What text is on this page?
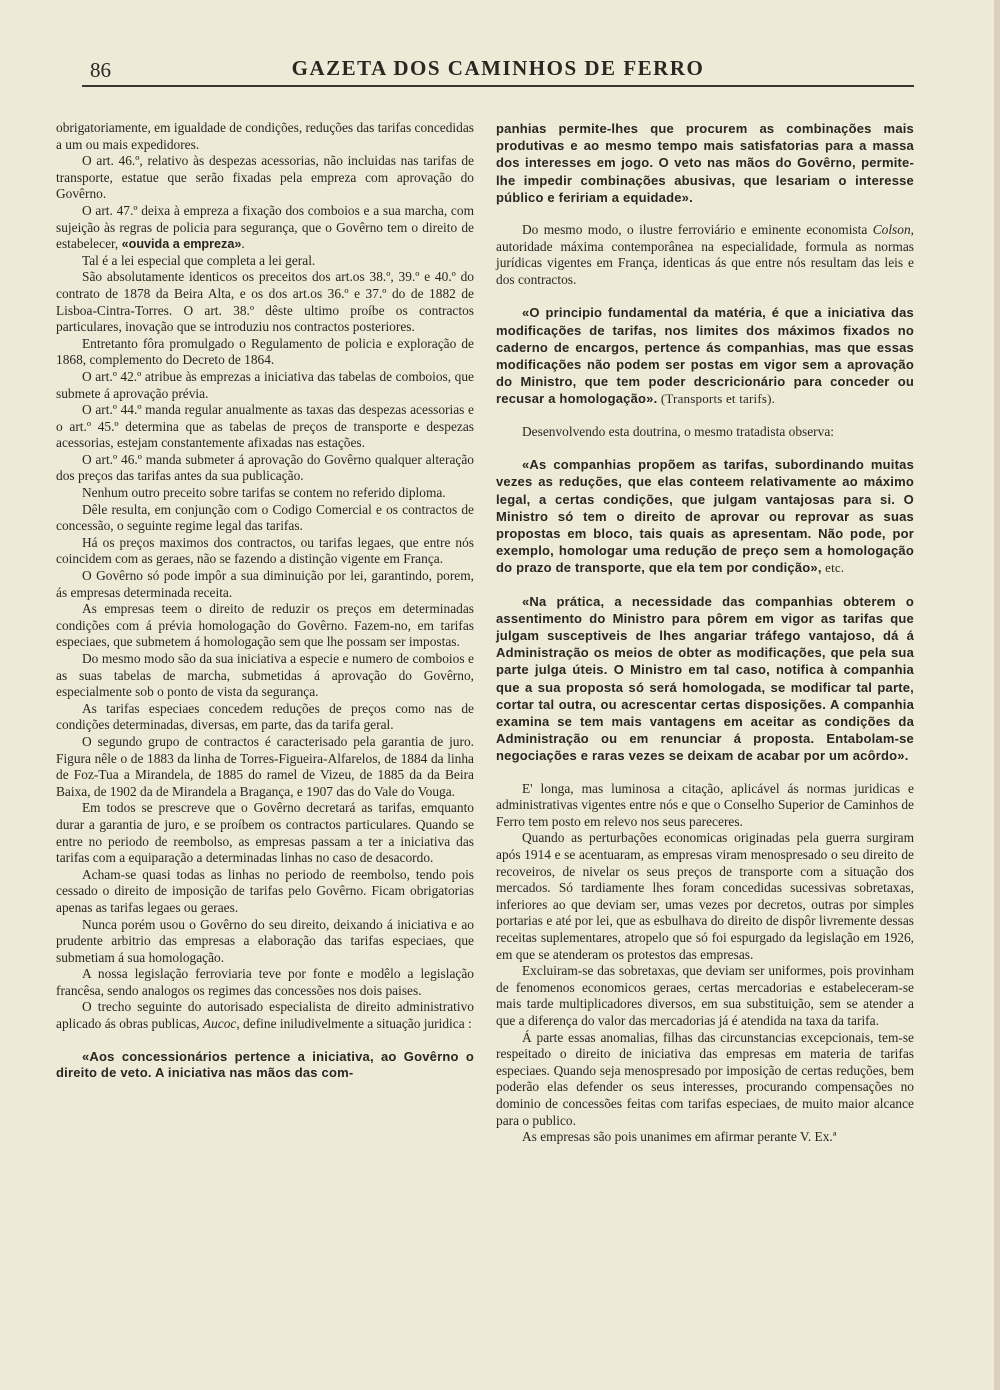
86	GAZETA DOS CAMINHOS DE FERRO

obrigatoriamente, em igualdade de condições, reduções das tarifas concedidas a um ou mais expedidores.

O art. 46.º, relativo às despezas acessorias, não incluidas nas tarifas de transporte, estatue que serão fixadas pela empreza com aprovação do Govêrno.

O art. 47.º deixa à empreza a fixação dos comboios e a sua marcha, com sujeição às regras de policia para segurança, que o Govêrno tem o direito de estabelecer, «ouvida a empreza».

Tal é a lei especial que completa a lei geral.

São absolutamente identicos os preceitos dos art.os 38.º, 39.º e 40.º do contrato de 1878 da Beira Alta, e os dos art.os 36.º e 37.º do de 1882 de Lisboa-Cintra-Torres. O art. 38.º dêste ultimo proíbe os contractos particulares, inovação que se introduziu nos contractos posteriores.

Entretanto fôra promulgado o Regulamento de policia e exploração de 1868, complemento do Decreto de 1864.

O art.º 42.º atribue às emprezas a iniciativa das tabelas de comboios, que submete á aprovação prévia.

O art.º 44.º manda regular anualmente as taxas das despezas acessorias e o art.º 45.º determina que as tabelas de preços de transporte e despezas acessorias, estejam constantemente afixadas nas estações.

O art.º 46.º manda submeter á aprovação do Govêrno qualquer alteração dos preços das tarifas antes da sua publicação.

Nenhum outro preceito sobre tarifas se contem no referido diploma.

Dêle resulta, em conjunção com o Codigo Comercial e os contractos de concessão, o seguinte regime legal das tarifas.

Há os preços maximos dos contractos, ou tarifas legaes, que entre nós coincidem com as geraes, não se fazendo a distinção vigente em França.

O Govêrno só pode impôr a sua diminuição por lei, garantindo, porem, ás empresas determinada receita.

As empresas teem o direito de reduzir os preços em determinadas condições com á prévia homologação do Govêrno. Fazem-no, em tarifas especiaes, que submetem á homologação sem que lhe possam ser impostas.

Do mesmo modo são da sua iniciativa a especie e numero de comboios e as suas tabelas de marcha, submetidas á aprovação do Govêrno, especialmente sob o ponto de vista da segurança.

As tarifas especiaes concedem reduções de preços como nas de condições determinadas, diversas, em parte, das da tarifa geral.

O segundo grupo de contractos é caracterisado pela garantia de juro. Figura nêle o de 1883 da linha de Torres-Figueira-Alfarelos, de 1884 da linha de Foz-Tua a Mirandela, de 1885 do ramel de Vizeu, de 1885 da da Beira Baixa, de 1902 da de Mirandela a Bragança, e 1907 das do Vale do Vouga.

Em todos se prescreve que o Govêrno decretará as tarifas, emquanto durar a garantia de juro, e se proíbem os contractos particulares. Quando se entre no periodo de reembolso, as empresas passam a ter a iniciativa das tarifas com a equiparação a determinadas linhas no caso de desacordo.

Acham-se quasi todas as linhas no periodo de reembolso, tendo pois cessado o direito de imposição de tarifas pelo Govêrno. Ficam obrigatorias apenas as tarifas legaes ou geraes.

Nunca porém usou o Govêrno do seu direito, deixando á iniciativa e ao prudente arbitrio das empresas a elaboração das tarifas especiaes, que submetiam á sua homologação.

A nossa legislação ferroviaria teve por fonte e modêlo a legislação francêsa, sendo analogos os regimes das concessões nos dois paises.

O trecho seguinte do autorisado especialista de direito administrativo aplicado ás obras publicas, Aucoc, define iniludivelmente a situação juridica :

«Aos concessionários pertence a iniciativa, ao Govêrno o direito de veto. A iniciativa nas mãos das com-

panhias permite-lhes que procurem as combinações mais produtivas e ao mesmo tempo mais satisfatorias para a massa dos interesses em jogo. O veto nas mãos do Govêrno, permite-lhe impedir combinações abusivas, que lesariam o interesse público e feririam a equidade».

Do mesmo modo, o ilustre ferroviário e eminente economista Colson, autoridade máxima contemporânea na especialidade, formula as normas jurídicas vigentes em França, identicas ás que entre nós resultam das leis e dos contractos.

«O principio fundamental da matéria, é que a iniciativa das modificações de tarifas, nos limites dos máximos fixados no caderno de encargos, pertence ás companhias, mas que essas modificações não podem ser postas em vigor sem a aprovação do Ministro, que tem poder descricionário para conceder ou recusar a homologação». (Transports et tarifs).

Desenvolvendo esta doutrina, o mesmo tratadista observa:

«As companhias propõem as tarifas, subordinando muitas vezes as reduções, que elas conteem relativamente ao máximo legal, a certas condições, que julgam vantajosas para si. O Ministro só tem o direito de aprovar ou reprovar as suas propostas em bloco, tais quais as apresentam. Não pode, por exemplo, homologar uma redução de preço sem a homologação do prazo de transporte, que ela tem por condição», etc.

«Na prática, a necessidade das companhias obterem o assentimento do Ministro para pôrem em vigor as tarifas que julgam susceptiveis de lhes angariar tráfego vantajoso, dá á Administração os meios de obter as modificações, que pela sua parte julga úteis. O Ministro em tal caso, notifica à companhia que a sua proposta só será homologada, se modificar tal parte, cortar tal outra, ou acrescentar certas disposições. A companhia examina se tem mais vantagens em aceitar as condições da Administração ou em renunciar á proposta. Entabolam-se negociações e raras vezes se deixam de acabar por um acôrdo».

E' longa, mas luminosa a citação, aplicável ás normas juridicas e administrativas vigentes entre nós e que o Conselho Superior de Caminhos de Ferro tem posto em relevo nos seus pareceres.

Quando as perturbações economicas originadas pela guerra surgiram após 1914 e se acentuaram, as empresas viram menospresado o seu direito de recoveiros, de nivelar os seus preços de transporte com a situação dos mercados. Só tardiamente lhes foram concedidas sucessivas sobretaxas, inferiores ao que deviam ser, umas vezes por decretos, outras por simples portarias e até por lei, que as esbulhava do direito de dispôr livremente dessas receitas suplementares, atropelo que só foi espurgado da legislação em 1926, em que se atenderam os protestos das empresas.

Excluiram-se das sobretaxas, que deviam ser uniformes, pois provinham de fenomenos economicos geraes, certas mercadorias e estabeleceram-se mais tarde multiplicadores diversos, em sua substituição, sem se atender a que a diferença do valor das mercadorias já é atendida na taxa da tarifa.

Á parte essas anomalias, filhas das circunstancias excepcionais, tem-se respeitado o direito de iniciativa das empresas em materia de tarifas especiaes. Quando seja menospresado por imposição de certas reduções, bem poderão elas defender os seus interesses, procurando compensações no dominio de concessões feitas com tarifas especiaes, de muito maior alcance para o publico.

As empresas são pois unanimes em afirmar perante V. Ex.ª
